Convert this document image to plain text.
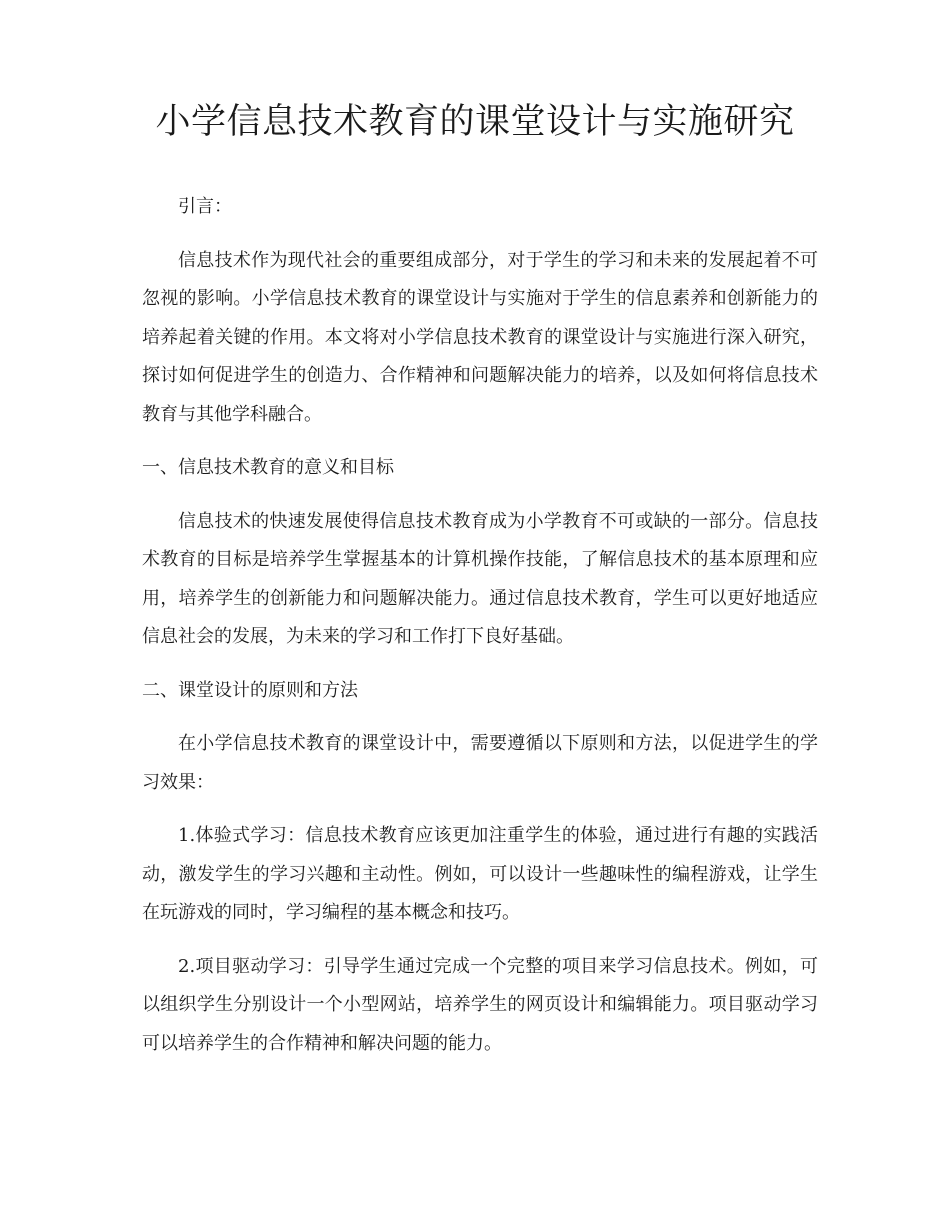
小学信息技术教育的课堂设计与实施研究

引言：

信息技术作为现代社会的重要组成部分，对于学生的学习和未来的发展起着不可忽视的影响。小学信息技术教育的课堂设计与实施对于学生的信息素养和创新能力的培养起着关键的作用。本文将对小学信息技术教育的课堂设计与实施进行深入研究，探讨如何促进学生的创造力、合作精神和问题解决能力的培养，以及如何将信息技术教育与其他学科融合。

一、信息技术教育的意义和目标

信息技术的快速发展使得信息技术教育成为小学教育不可或缺的一部分。信息技术教育的目标是培养学生掌握基本的计算机操作技能，了解信息技术的基本原理和应用，培养学生的创新能力和问题解决能力。通过信息技术教育，学生可以更好地适应信息社会的发展，为未来的学习和工作打下良好基础。

二、课堂设计的原则和方法

在小学信息技术教育的课堂设计中，需要遵循以下原则和方法，以促进学生的学习效果：

1.体验式学习：信息技术教育应该更加注重学生的体验，通过进行有趣的实践活动，激发学生的学习兴趣和主动性。例如，可以设计一些趣味性的编程游戏，让学生在玩游戏的同时，学习编程的基本概念和技巧。

2.项目驱动学习：引导学生通过完成一个完整的项目来学习信息技术。例如，可以组织学生分别设计一个小型网站，培养学生的网页设计和编辑能力。项目驱动学习可以培养学生的合作精神和解决问题的能力。
